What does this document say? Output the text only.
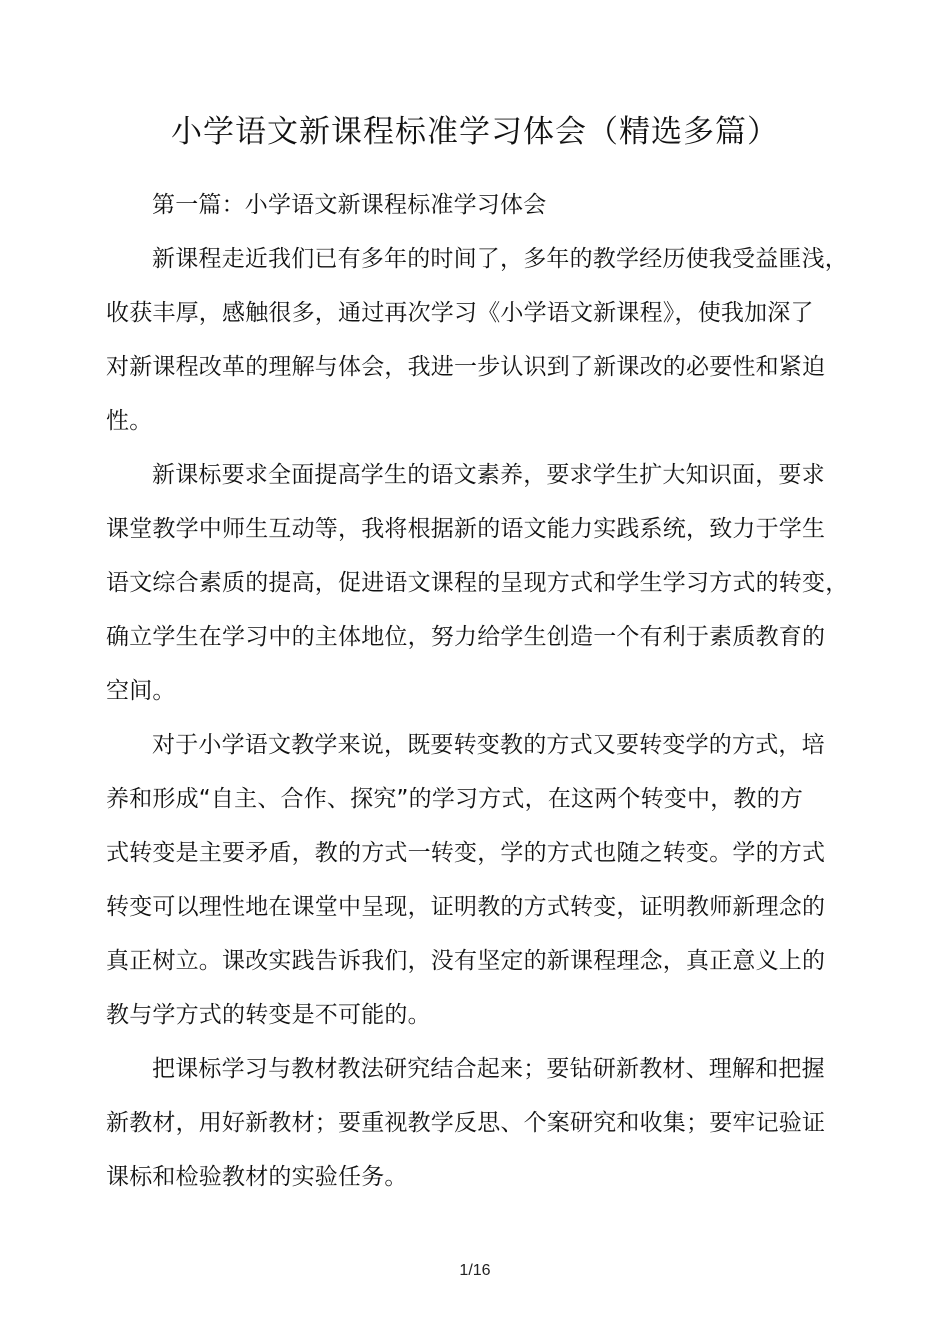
小学语文新课程标准学习体会（精选多篇）
第一篇：小学语文新课程标准学习体会
新课程走近我们已有多年的时间了，多年的教学经历使我受益匪浅，
收获丰厚，感触很多，通过再次学习《小学语文新课程》，使我加深了
对新课程改革的理解与体会，我进一步认识到了新课改的必要性和紧迫
性。
新课标要求全面提高学生的语文素养，要求学生扩大知识面，要求
课堂教学中师生互动等，我将根据新的语文能力实践系统，致力于学生
语文综合素质的提高，促进语文课程的呈现方式和学生学习方式的转变，
确立学生在学习中的主体地位，努力给学生创造一个有利于素质教育的
空间。
对于小学语文教学来说，既要转变教的方式又要转变学的方式，培
养和形成“自主、合作、探究”的学习方式，在这两个转变中，教的方
式转变是主要矛盾，教的方式一转变，学的方式也随之转变。学的方式
转变可以理性地在课堂中呈现，证明教的方式转变，证明教师新理念的
真正树立。课改实践告诉我们，没有坚定的新课程理念，真正意义上的
教与学方式的转变是不可能的。
把课标学习与教材教法研究结合起来；要钻研新教材、理解和把握
新教材，用好新教材；要重视教学反思、个案研究和收集；要牢记验证
课标和检验教材的实验任务。
1/16
